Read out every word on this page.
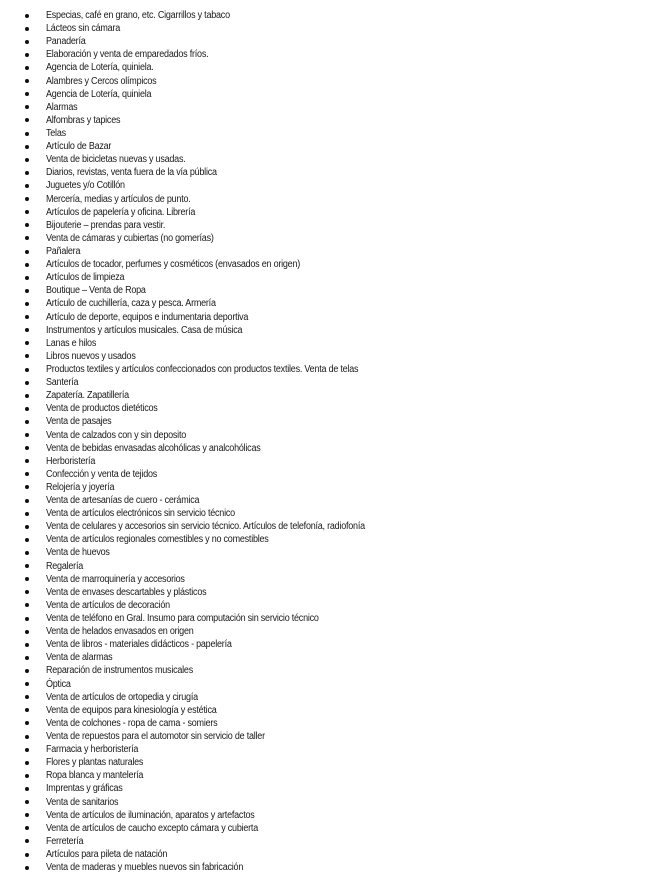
Especias, café en grano, etc. Cigarrillos y tabaco
Lácteos sin cámara
Panadería
Elaboración y venta de emparedados fríos.
Agencia de Lotería, quiniela.
Alambres y Cercos olímpicos
Agencia de Lotería, quiniela
Alarmas
Alfombras y tapices
Telas
Artículo de Bazar
Venta de bicicletas nuevas y usadas.
Diarios, revistas, venta fuera de la vía pública
Juguetes y/o Cotillón
Mercería, medias y artículos de punto.
Artículos de papelería y oficina. Librería
Bijouterie – prendas para vestir.
Venta de cámaras y cubiertas (no gomerías)
Pañalera
Artículos de tocador, perfumes y cosméticos (envasados en origen)
Artículos de limpieza
Boutique – Venta de Ropa
Artículo de cuchillería, caza y pesca. Armería
Artículo de deporte, equipos e indumentaria deportiva
Instrumentos y artículos musicales. Casa de música
Lanas e hilos
Libros nuevos y usados
Productos textiles y artículos confeccionados con productos textiles. Venta de telas
Santería
Zapatería. Zapatillería
Venta de productos dietéticos
Venta de pasajes
Venta de calzados con y sin deposito
Venta de bebidas envasadas alcohólicas y analcohólicas
Herboristería
Confección y venta de tejidos
Relojería y joyería
Venta de artesanías de cuero - cerámica
Venta de artículos electrónicos sin servicio técnico
Venta de celulares y accesorios sin servicio técnico. Artículos de telefonía, radiofonía
Venta de artículos regionales comestibles y no comestibles
Venta de huevos
Regalería
Venta de marroquinería y accesorios
Venta de envases descartables y plásticos
Venta de artículos de decoración
Venta de teléfono en Gral. Insumo para computación sin servicio técnico
Venta de helados envasados en origen
Venta de libros - materiales didácticos - papelería
Venta de alarmas
Reparación de instrumentos musicales
Óptica
Venta de artículos de ortopedia y cirugía
Venta de equipos para kinesiología y estética
Venta de colchones - ropa de cama - somiers
Venta de repuestos para el automotor sin servicio de taller
Farmacia y herboristería
Flores y plantas naturales
Ropa blanca y mantelería
Imprentas y gráficas
Venta de sanitarios
Venta de artículos de iluminación, aparatos y artefactos
Venta de artículos de caucho excepto cámara y cubierta
Ferretería
Artículos para pileta de natación
Venta de maderas y muebles nuevos sin fabricación
